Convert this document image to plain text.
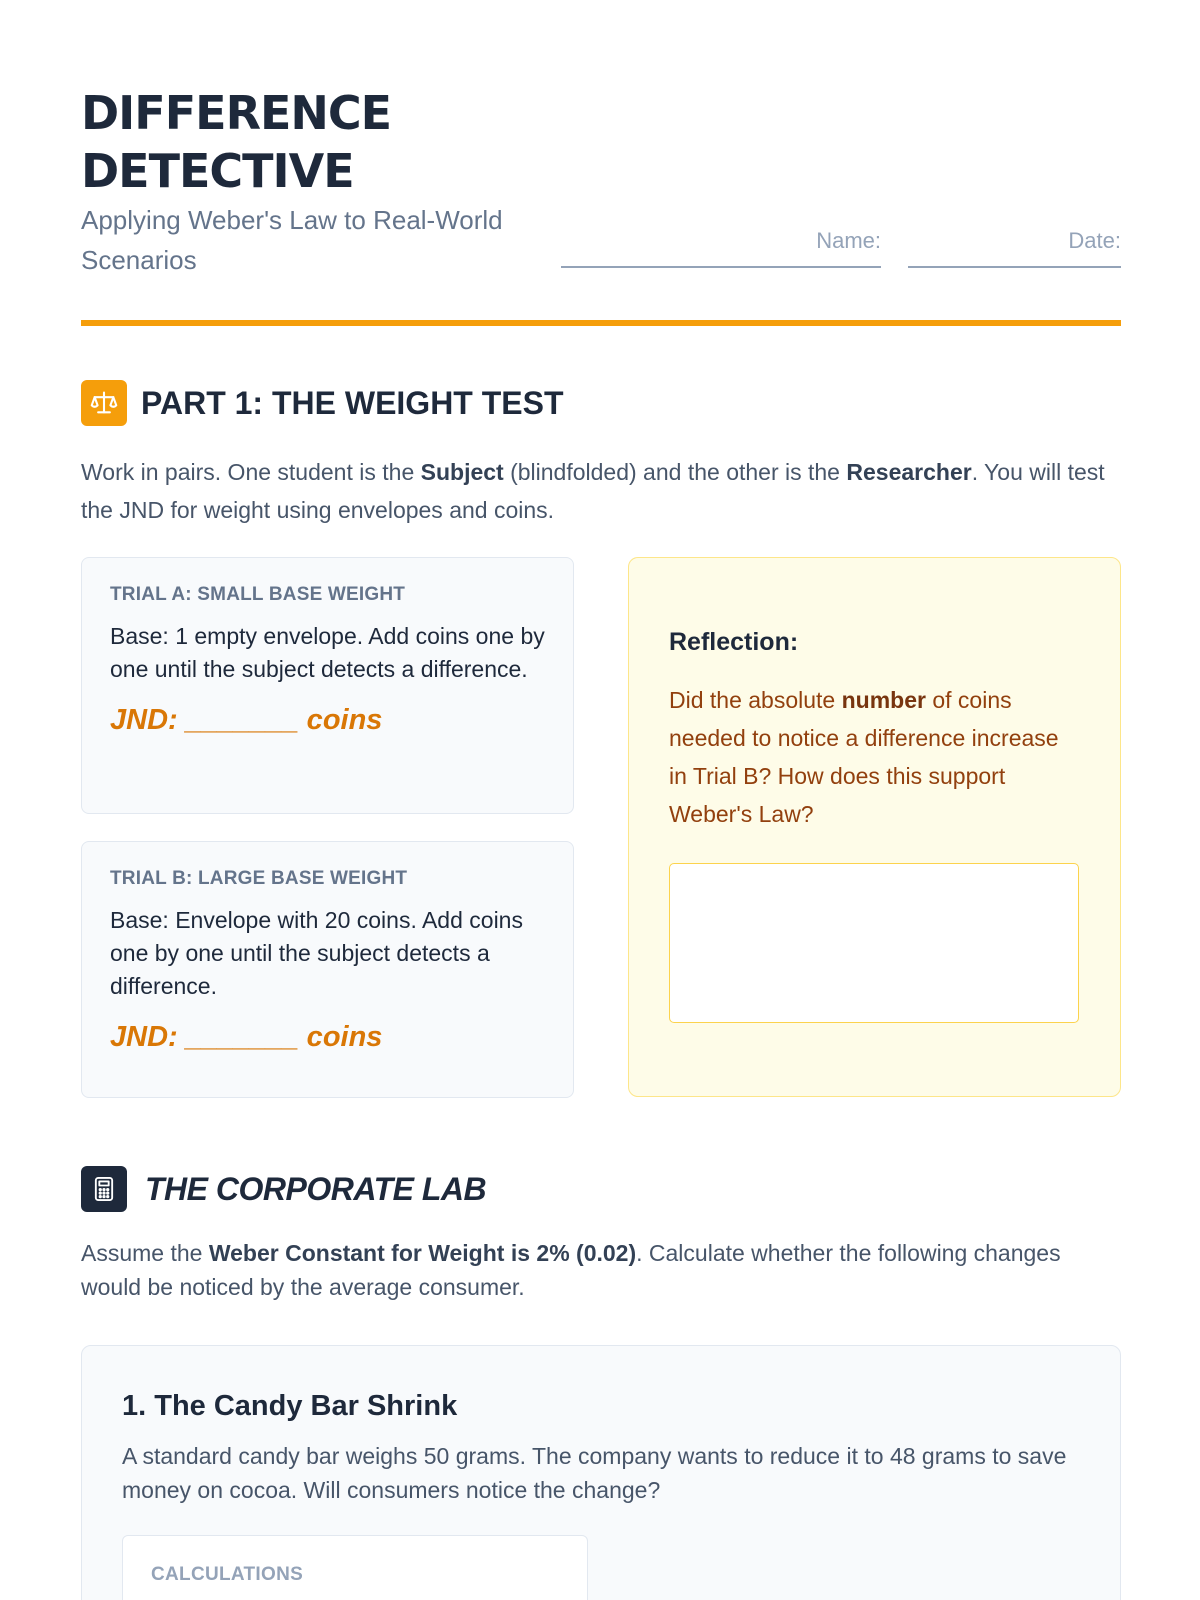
DIFFERENCE
DETECTIVE
Applying Weber's Law to Real-World Scenarios
Name:	Date:
PART 1: THE WEIGHT TEST
Work in pairs. One student is the Subject (blindfolded) and the other is the Researcher. You will test the JND for weight using envelopes and coins.
TRIAL A: SMALL BASE WEIGHT
Base: 1 empty envelope. Add coins one by one until the subject detects a difference.
JND: _______ coins
TRIAL B: LARGE BASE WEIGHT
Base: Envelope with 20 coins. Add coins one by one until the subject detects a difference.
JND: _______ coins
Reflection:
Did the absolute number of coins needed to notice a difference increase in Trial B? How does this support Weber's Law?
THE CORPORATE LAB
Assume the Weber Constant for Weight is 2% (0.02). Calculate whether the following changes would be noticed by the average consumer.
1. The Candy Bar Shrink
A standard candy bar weighs 50 grams. The company wants to reduce it to 48 grams to save money on cocoa. Will consumers notice the change?
CALCULATIONS
